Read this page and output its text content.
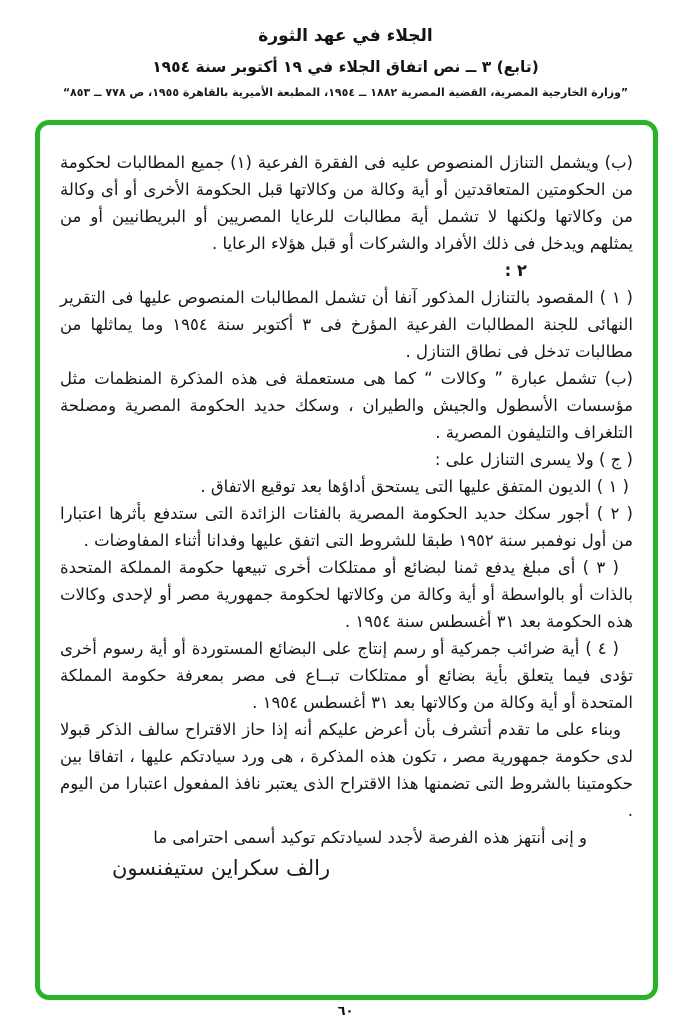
الجلاء في عهد الثورة
(تابع) ٣ ــ نص اتفاق الجلاء في ١٩ أكتوبر سنة ١٩٥٤
”وزارة الخارجية المصرية، القضية المصرية ١٨٨٢ ــ ١٩٥٤، المطبعة الأميرية بالقاهرة ١٩٥٥، ص ٧٧٨ ــ ٨٥٣“

(ب) ويشمل التنازل المنصوص عليه فى الفقرة الفرعية (١) جميع المطالبات لحكومة من الحكومتين المتعاقدتين أو أية وكالة من وكالاتها قبل الحكومة الأخرى أو أى وكالة من وكالاتها ولكنها لا تشمل أية مطالبات للرعايا المصريين أو البريطانيين أو من يمثلهم ويدخل فى ذلك الأفراد والشركات أو قبل هؤلاء الرعايا .

٢ :

( ١ ) المقصود بالتنازل المذكور آنفا أن تشمل المطالبات المنصوص عليها فى التقرير النهائى للجنة المطالبات الفرعية المؤرخ فى ٣ أكتوبر سنة ١٩٥٤ وما يماثلها من مطالبات تدخل فى نطاق التنازل .

(ب) تشمل عبارة ” وكالات “ كما هى مستعملة فى هذه المذكرة المنظمات مثل مؤسسات الأسطول والجيش والطيران ، وسكك حديد الحكومة المصرية ومصلحة التلغراف والتليفون المصرية .

( ج ) ولا يسرى التنازل على :

( ١ ) الديون المتفق عليها التى يستحق أداؤها بعد توقيع الاتفاق .

( ٢ ) أجور سكك حديد الحكومة المصرية بالفئات الزائدة التى ستدفع بأثرها اعتبارا من أول نوفمبر سنة ١٩٥٢ طبقا للشروط التى اتفق عليها وفدانا أثناء المفاوضات .

( ٣ ) أى مبلغ يدفع ثمنا لبضائع أو ممتلكات أخرى تبيعها حكومة المملكة المتحدة بالذات أو بالواسطة أو أية وكالة من وكالاتها لحكومة جمهورية مصر أو لإحدى وكالات هذه الحكومة بعد ٣١ أغسطس سنة ١٩٥٤ .

( ٤ ) أية ضرائب جمركية أو رسم إنتاج على البضائع المستوردة أو أية رسوم أخرى تؤدى فيما يتعلق بأية بضائع أو ممتلكات تبــاع فى مصر بمعرفة حكومة المملكة المتحدة أو أية وكالة من وكالاتها بعد ٣١ أغسطس ١٩٥٤ .

وبناء على ما تقدم أتشرف بأن أعرض عليكم أنه إذا حاز الاقتراح سالف الذكر قبولا لدى حكومة جمهورية مصر ، تكون هذه المذكرة ، هى ورد سيادتكم عليها ، اتفاقا بين حكومتينا بالشروط التى تضمنها هذا الاقتراح الذى يعتبر نافذ المفعول اعتبارا من اليوم .

و إنى أنتهز هذه الفرصة لأجدد لسيادتكم توكيد أسمى احترامى ما

رالف سكراين ستيفنسون
٦٠
